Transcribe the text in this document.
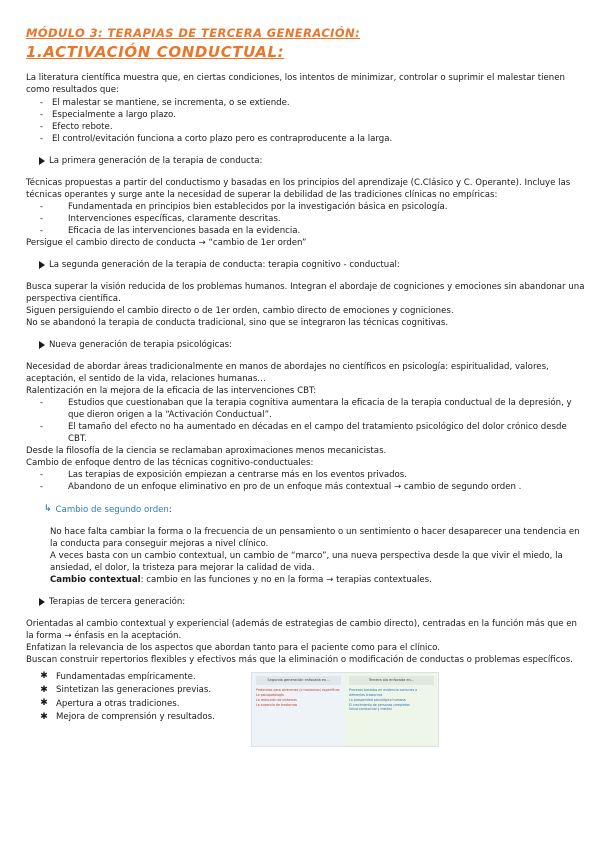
MÓDULO 3: TERAPIAS DE TERCERA GENERACIÓN:
1.ACTIVACIÓN CONDUCTUAL:

La literatura científica muestra que, en ciertas condiciones, los intentos de minimizar, controlar o suprimir el malestar tienen como resultados que:

- El malestar se mantiene, se incrementa, o se extiende.
- Especialmente a largo plazo.
- Efecto rebote.
- El control/evitación funciona a corto plazo pero es contraproducente a la larga.
La primera generación de la terapia de conducta:

Técnicas propuestas a partir del conductismo y basadas en los principios del aprendizaje (C.Clásico y C. Operante). Incluye las técnicas operantes y surge ante la necesidad de superar la debilidad de las tradiciones clínicas no empíricas:

- Fundamentada en principios bien establecidos por la investigación básica en psicología.
- Intervenciones específicas, claramente descritas.
- Eficacia de las intervenciones basada en la evidencia.

Persigue el cambio directo de conducta → “cambio de 1er orden”

La segunda generación de la terapia de conducta: terapia cognitivo - conductual:

Busca superar la visión reducida de los problemas humanos. Integran el abordaje de cogniciones y emociones sin abandonar una perspectiva científica.

Siguen persiguiendo el cambio directo o de 1er orden, cambio directo de emociones y cogniciones.

No se abandonó la terapia de conducta tradicional, sino que se integraron las técnicas cognitivas.

Nueva generación de terapia psicológicas:

Necesidad de abordar áreas tradicionalmente en manos de abordajes no científicos en psicología: espiritualidad, valores, aceptación, el sentido de la vida, relaciones humanas…

Ralentización en la mejora de la eficacia de las intervenciones CBT:

- Estudios que cuestionaban que la terapia cognitiva aumentara la eficacia de la terapia conductual de la depresión, y que dieron origen a la “Activación Conductual”.
- El tamaño del efecto no ha aumentado en décadas en el campo del tratamiento psicológico del dolor crónico desde CBT.

Desde la filosofía de la ciencia se reclamaban aproximaciones menos mecanicistas.

Cambio de enfoque dentro de las técnicas cognitivo-conductuales:

- Las terapias de exposición empiezan a centrarse más en los eventos privados.
- Abandono de un enfoque eliminativo en pro de un enfoque más contextual → cambio de segundo orden .
↳ Cambio de segundo orden :

No hace falta cambiar la forma o la frecuencia de un pensamiento o un sentimiento o hacer desaparecer una tendencia en la conducta para conseguir mejoras a nivel clínico.

A veces basta con un cambio contextual, un cambio de “marco”, una nueva perspectiva desde la que vivir el miedo, la ansiedad, el dolor, la tristeza para mejorar la calidad de vida.

Cambio contextual: cambio en las funciones y no en la forma → terapias contextuales.

Terapias de tercera generación:

Orientadas al cambio contextual y experiencial (además de estrategias de cambio directo), centradas en la función más que en la forma → énfasis en la aceptación.

Enfatizan la relevancia de los aspectos que abordan tanto para el paciente como para el clínico.

Buscan construir repertorios flexibles y efectivos más que la eliminación o modificación de conductas o problemas específicos.

✱ Fundamentadas empíricamente.
✱ Sintetizan las generaciones previas.
✱ Apertura a otras tradiciones.
✱ Mejora de comprensión y resultados.
Segunda generación enfocada en...
Protocolos para síndromes (o trastornos) específicos
La psicopatología
La reducción de síntomas
La ausencia de trastornos
Tercera ola enfocada en...
Procesos basados en evidencia comunes a diferentes trastornos
La prosperidad psicológica humana
El crecimiento de personas completas
Salud conductual y mental
